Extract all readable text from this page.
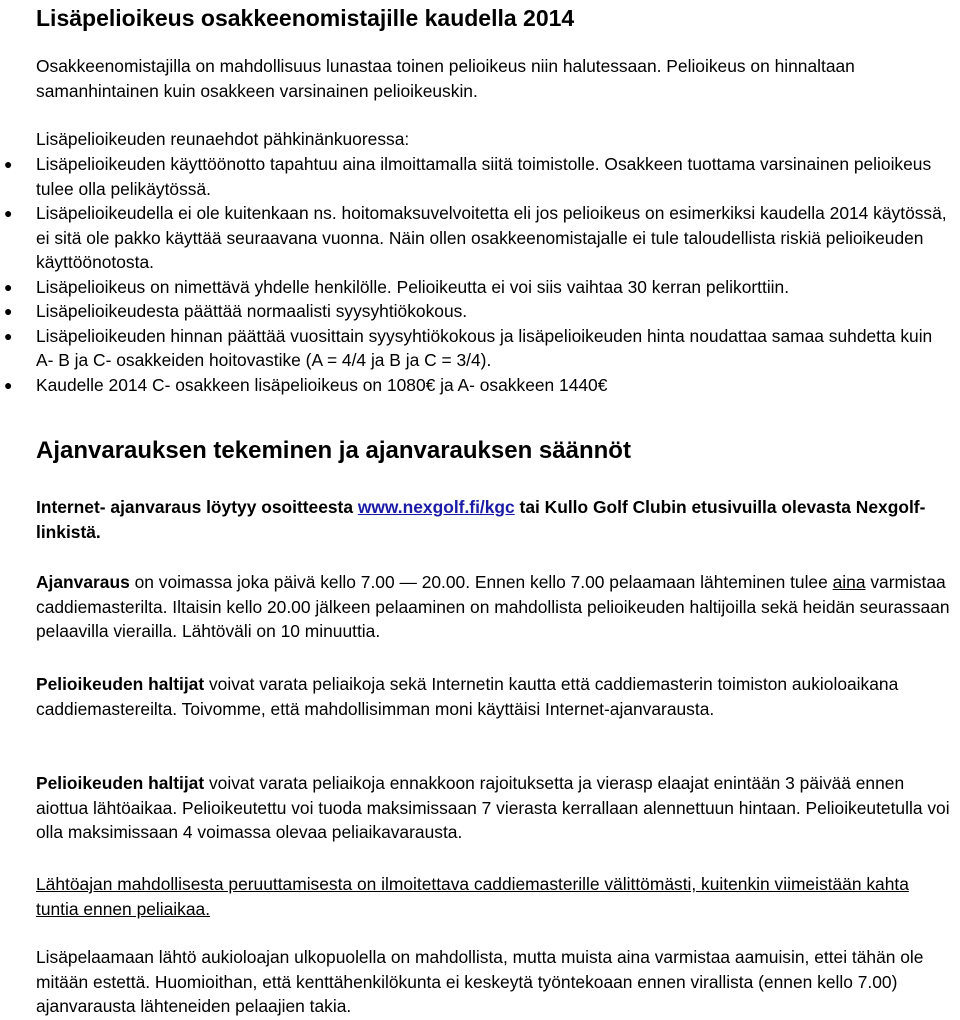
Lisäpelioikeus osakkeenomistajille kaudella 2014

Osakkeenomistajilla on mahdollisuus lunastaa toinen pelioikeus niin halutessaan. Pelioikeus on hinnaltaan samanhintainen kuin osakkeen varsinainen pelioikeuskin.

Lisäpelioikeuden reunaehdot pähkinänkuoressa:

● Lisäpelioikeuden käyttöönotto tapahtuu aina ilmoittamalla siitä toimistolle. Osakkeen tuottama varsinainen pelioikeus tulee olla pelikäytössä.
● Lisäpelioikeudella ei ole kuitenkaan ns. hoitomaksuvelvoitetta eli jos pelioikeus on esimerkiksi kaudella 2014 käytössä, ei sitä ole pakko käyttää seuraavana vuonna. Näin ollen osakkeenomistajalle ei tule taloudellista riskiä pelioikeuden käyttöönotosta.
● Lisäpelioikeus on nimettävä yhdelle henkilölle. Pelioikeutta ei voi siis vaihtaa 30 kerran pelikorttiin.
● Lisäpelioikeudesta päättää normaalisti syysyhtiökokous.
● Lisäpelioikeuden hinnan päättää vuosittain syysyhtiökokous ja lisäpelioikeuden hinta noudattaa samaa suhdetta kuin A- B ja C- osakkeiden hoitovastike (A = 4/4 ja B ja C = 3/4).
● Kaudelle 2014 C- osakkeen lisäpelioikeus on 1080€ ja A- osakkeen 1440€
Ajanvarauksen tekeminen ja ajanvarauksen säännöt

Internet- ajanvaraus löytyy osoitteesta www.nexgolf.fi/kgc tai Kullo Golf Clubin etusivuilla olevasta Nexgolf- linkistä.

Ajanvaraus on voimassa joka päivä kello 7.00 — 20.00. Ennen kello 7.00 pelaamaan lähteminen tulee aina varmistaa caddiemasterilta. Iltaisin kello 20.00 jälkeen pelaaminen on mahdollista pelioikeuden haltijoilla sekä heidän seurassaan pelaavilla vierailla. Lähtöväli on 10 minuuttia.

Pelioikeuden haltijat voivat varata peliaikoja sekä Internetin kautta että caddiemasterin toimiston aukioloaikana caddiemastereilta. Toivomme, että mahdollisimman moni käyttäisi Internet-ajanvarausta.

Pelioikeuden haltijat voivat varata peliaikoja ennakkoon rajoituksetta ja vierasp elaajat enintään 3 päivää ennen aiottua lähtöaikaa. Pelioikeutettu voi tuoda maksimissaan 7 vierasta kerrallaan alennettuun hintaan. Pelioikeutetulla voi olla maksimissaan 4 voimassa olevaa peliaikavarausta.

Lähtöajan mahdollisesta peruuttamisesta on ilmoitettava caddiemasterille välittömästi, kuitenkin viimeistään kahta tuntia ennen peliaikaa.

Lisäpelaamaan lähtö aukioloajan ulkopuolella on mahdollista, mutta muista aina varmistaa aamuisin, ettei tähän ole mitään estettä. Huomioithan, että kenttähenkilökunta ei keskeytä työntekoaan ennen virallista (ennen kello 7.00) ajanvarausta lähteneiden pelaajien takia.
